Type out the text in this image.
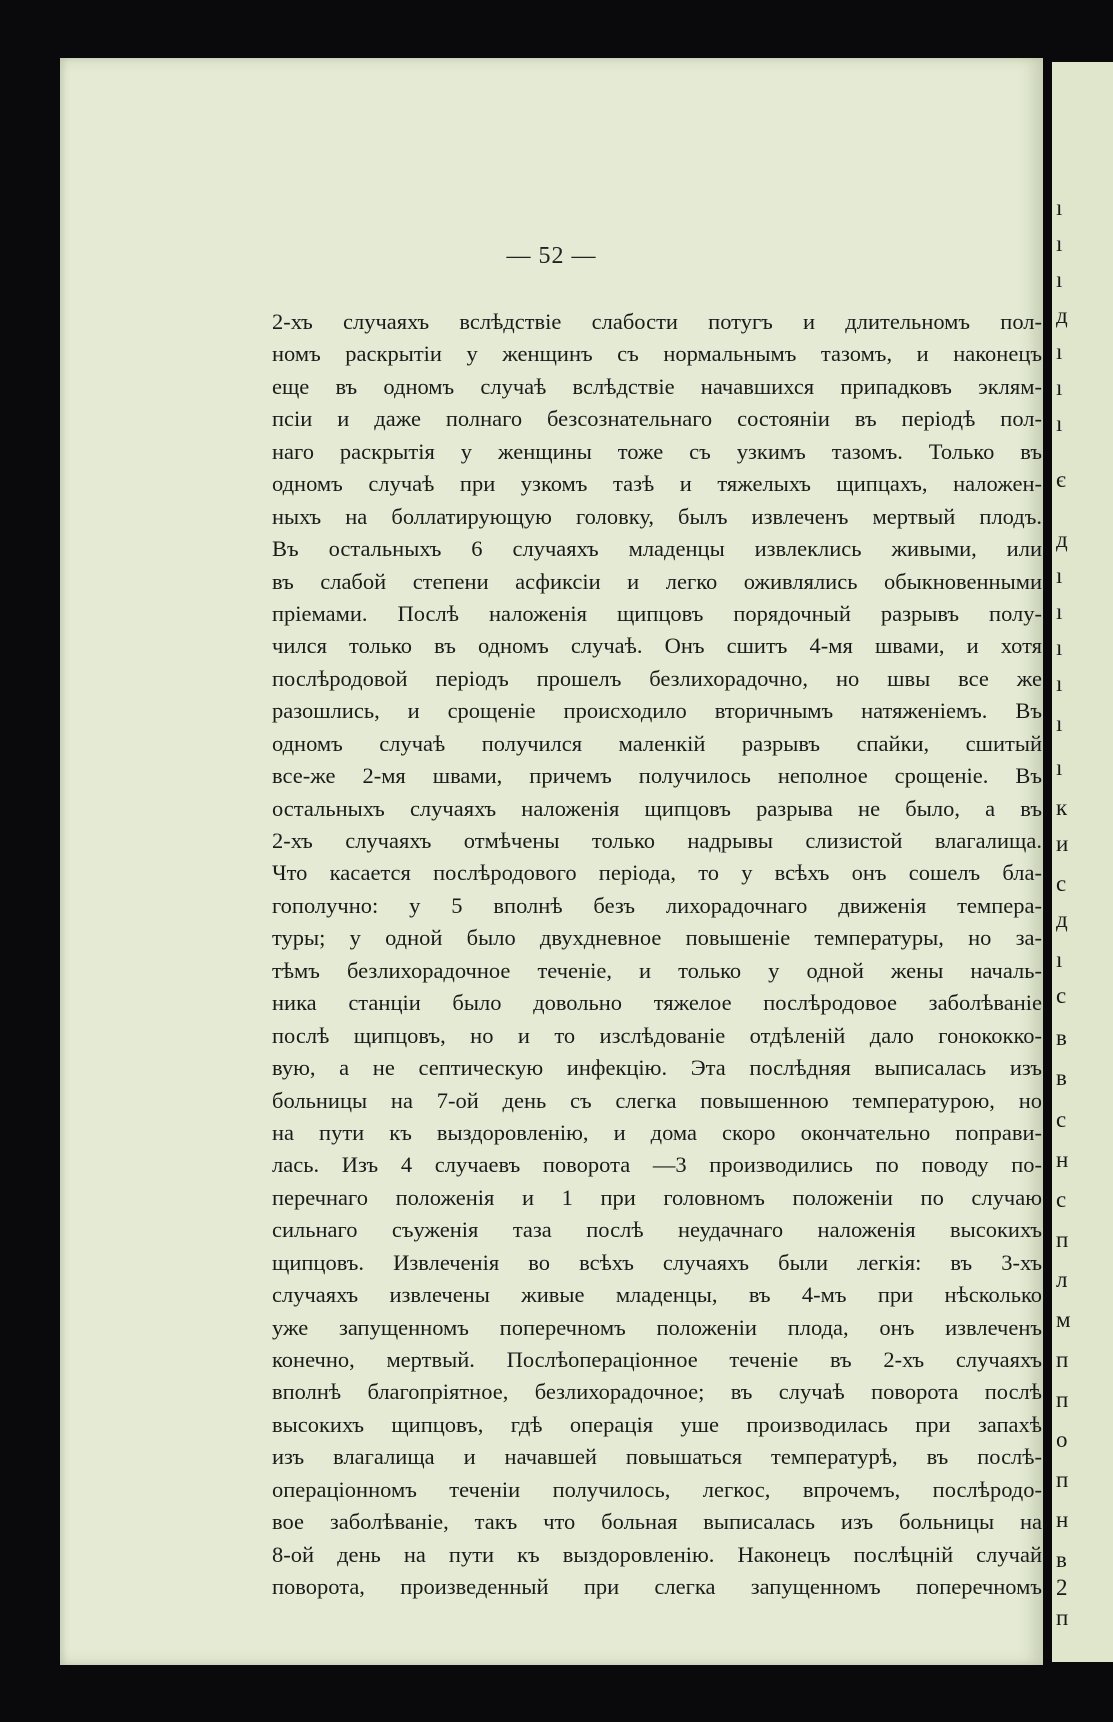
— 52 —
2-хъ случаяхъ вслѣдствіе слабости потугъ и длительномъ пол-
номъ раскрытіи у женщинъ съ нормальнымъ тазомъ, и наконецъ
еще въ одномъ случаѣ вслѣдствіе начавшихся припадковъ эклям-
псіи и даже полнаго безсознательнаго состояніи въ періодѣ пол-
наго раскрытія у женщины тоже съ узкимъ тазомъ. Только въ
одномъ случаѣ при узкомъ тазѣ и тяжелыхъ щипцахъ, наложен-
ныхъ на боллатирующую головку, былъ извлеченъ мертвый плодъ.
Въ остальныхъ 6 случаяхъ младенцы извлеклись живыми, или
въ слабой степени асфиксіи и легко оживлялись обыкновенными
пріемами. Послѣ наложенія щипцовъ порядочный разрывъ полу-
чился только въ одномъ случаѣ. Онъ сшитъ 4-мя швами, и хотя
послѣродовой періодъ прошелъ безлихорадочно, но швы все же
разошлись, и срощеніе происходило вторичнымъ натяженіемъ. Въ
одномъ случаѣ получился маленкій разрывъ спайки, сшитый
все-же 2-мя швами, причемъ получилось неполное срощеніе. Въ
остальныхъ случаяхъ наложенія щипцовъ разрыва не было, а въ
2-хъ случаяхъ отмѣчены только надрывы слизистой влагалища.
Что касается послѣродового періода, то у всѣхъ онъ сошелъ бла-
гополучно: у 5 вполнѣ безъ лихорадочнаго движенія темпера-
туры; у одной было двухдневное повышеніе температуры, но за-
тѣмъ безлихорадочное теченіе, и только у одной жены началь-
ника станціи было довольно тяжелое послѣродовое заболѣваніе
послѣ щипцовъ, но и то изслѣдованіе отдѣленій дало гонококко-
вую, а не септическую инфекцію. Эта послѣдняя выписалась изъ
больницы на 7-ой день съ слегка повышенною температурою, но
на пути къ выздоровленію, и дома скоро окончательно поправи-
лась. Изъ 4 случаевъ поворота —3 производились по поводу по-
перечнаго положенія и 1 при головномъ положеніи по случаю
сильнаго съуженія таза послѣ неудачнаго наложенія высокихъ
щипцовъ. Извлеченія во всѣхъ случаяхъ были легкія: въ 3-хъ
случаяхъ извлечены живые младенцы, въ 4-мъ при нѣсколько
уже запущенномъ поперечномъ положеніи плода, онъ извлеченъ
конечно, мертвый. Послѣопераціонное теченіе въ 2-хъ случаяхъ
вполнѣ благопріятное, безлихорадочное; въ случаѣ поворота послѣ
высокихъ щипцовъ, гдѣ операція уше производилась при запахѣ
изъ влагалища и начавшей повышаться температурѣ, въ послѣ-
операціонномъ теченіи получилось, легкос, впрочемъ, послѣродо-
вое заболѣваніе, такъ что больная выписалась изъ больницы на
8-ой день на пути къ выздоровленію. Наконецъ послѣцній случай
поворота, произведенный при слегка запущенномъ поперечномъ
ı
ı
ı
д
ı
ı
ı
є
д
ı
ı
ı
ı
ı
ı
к
и
с
д
ı
с
в
в
с
н
с
п
л
м
п
п
о
п
н
в
2
п
